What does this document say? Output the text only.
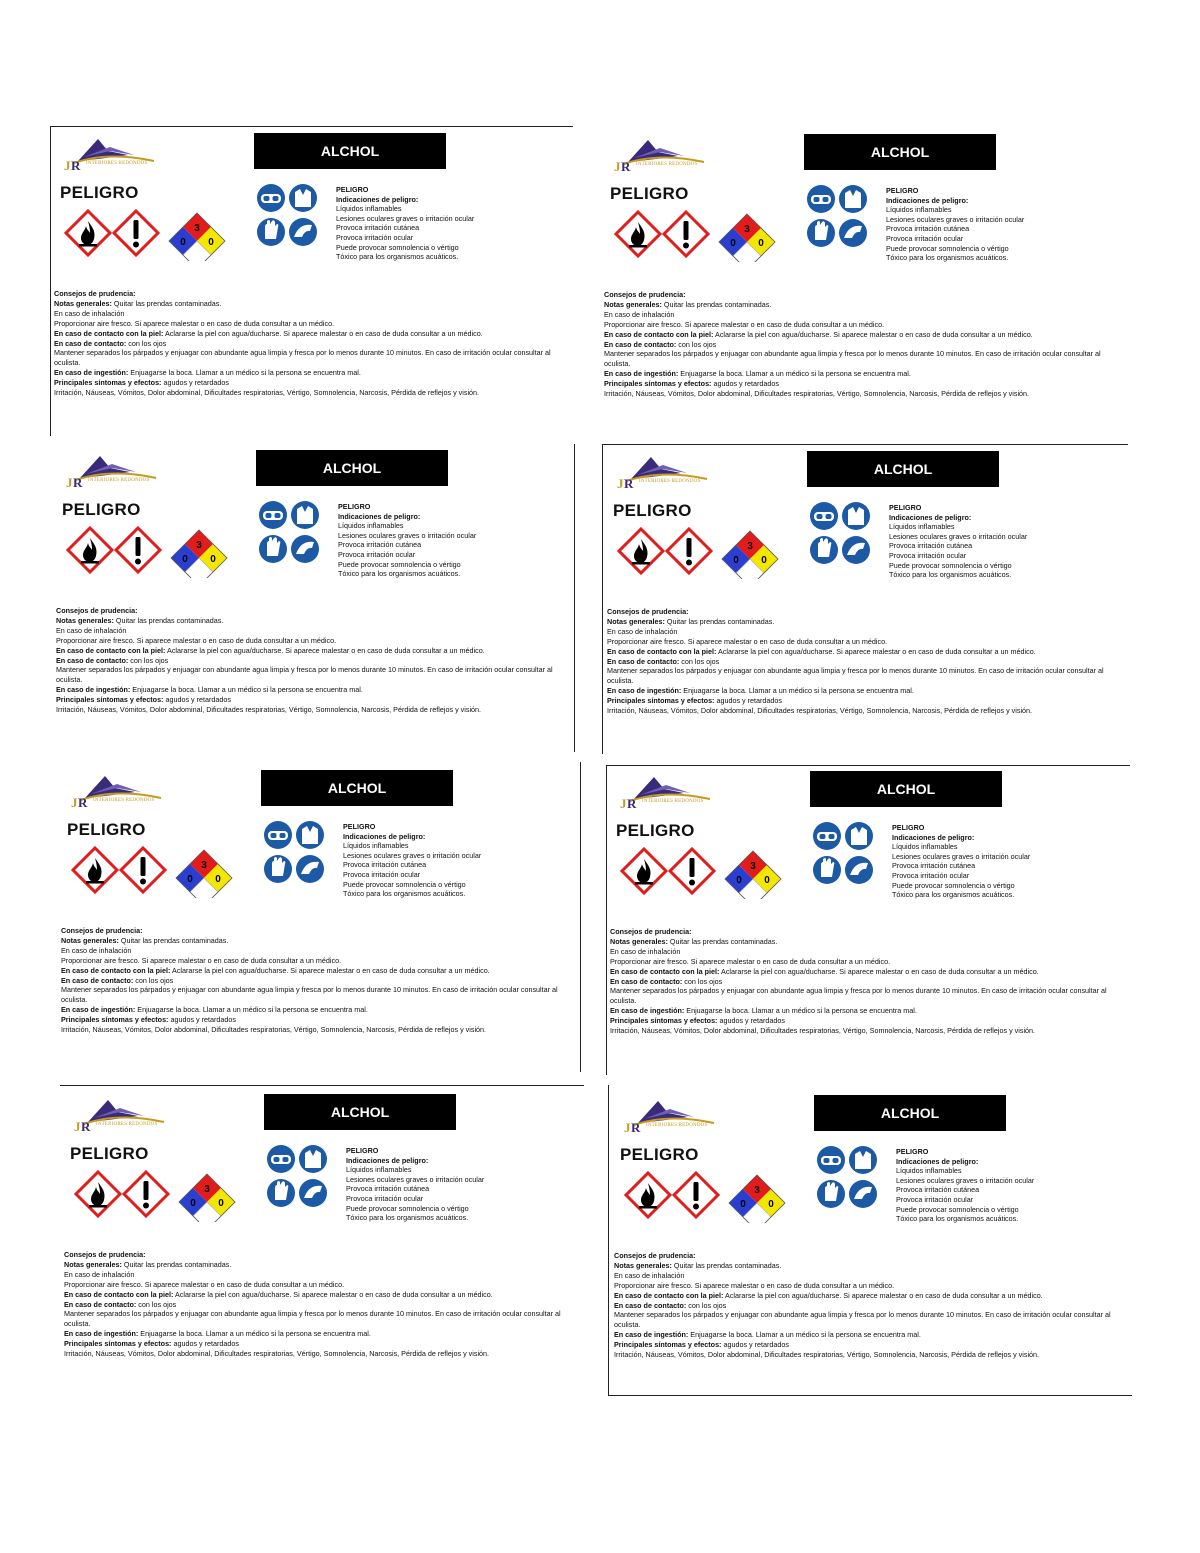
J R INTERIORES REDONDOS
ALCHOL
PELIGRO
3
0 0
PELIGRO
Indicaciones de peligro:
Líquidos inflamables
Lesiones oculares graves o irritación ocular
Provoca irritación cutánea
Provoca irritación ocular
Puede provocar somnolencia o vértigo
Tóxico para los organismos acuáticos.

Consejos de prudencia:

Notas generales: Quitar las prendas contaminadas.

En caso de inhalación

Proporcionar aire fresco. Si aparece malestar o en caso de duda consultar a un médico.

En caso de contacto con la piel: Aclararse la piel con agua/ducharse. Si aparece malestar o en caso de duda consultar a un médico.

En caso de contacto: con los ojos

Mantener separados los párpados y enjuagar con abundante agua limpia y fresca por lo menos durante 10 minutos. En caso de irritación ocular consultar al oculista.

En caso de ingestión: Enjuagarse la boca. Llamar a un médico si la persona se encuentra mal.

Principales síntomas y efectos: agudos y retardados

Irritación, Náuseas, Vómitos, Dolor abdominal, Dificultades respiratorias, Vértigo, Somnolencia, Narcosis, Pérdida de reflejos y visión.

J R INTERIORES REDONDOS
ALCHOL
PELIGRO
3
0 0
PELIGRO
Indicaciones de peligro:
Líquidos inflamables
Lesiones oculares graves o irritación ocular
Provoca irritación cutánea
Provoca irritación ocular
Puede provocar somnolencia o vértigo
Tóxico para los organismos acuáticos.

Consejos de prudencia:

Notas generales: Quitar las prendas contaminadas.

En caso de inhalación

Proporcionar aire fresco. Si aparece malestar o en caso de duda consultar a un médico.

En caso de contacto con la piel: Aclararse la piel con agua/ducharse. Si aparece malestar o en caso de duda consultar a un médico.

En caso de contacto: con los ojos

Mantener separados los párpados y enjuagar con abundante agua limpia y fresca por lo menos durante 10 minutos. En caso de irritación ocular consultar al oculista.

En caso de ingestión: Enjuagarse la boca. Llamar a un médico si la persona se encuentra mal.

Principales síntomas y efectos: agudos y retardados

Irritación, Náuseas, Vómitos, Dolor abdominal, Dificultades respiratorias, Vértigo, Somnolencia, Narcosis, Pérdida de reflejos y visión.

J R INTERIORES REDONDOS
ALCHOL
PELIGRO
3
0 0
PELIGRO
Indicaciones de peligro:
Líquidos inflamables
Lesiones oculares graves o irritación ocular
Provoca irritación cutánea
Provoca irritación ocular
Puede provocar somnolencia o vértigo
Tóxico para los organismos acuáticos.

Consejos de prudencia:

Notas generales: Quitar las prendas contaminadas.

En caso de inhalación

Proporcionar aire fresco. Si aparece malestar o en caso de duda consultar a un médico.

En caso de contacto con la piel: Aclararse la piel con agua/ducharse. Si aparece malestar o en caso de duda consultar a un médico.

En caso de contacto: con los ojos

Mantener separados los párpados y enjuagar con abundante agua limpia y fresca por lo menos durante 10 minutos. En caso de irritación ocular consultar al oculista.

En caso de ingestión: Enjuagarse la boca. Llamar a un médico si la persona se encuentra mal.

Principales síntomas y efectos: agudos y retardados

Irritación, Náuseas, Vómitos, Dolor abdominal, Dificultades respiratorias, Vértigo, Somnolencia, Narcosis, Pérdida de reflejos y visión.

J R INTERIORES REDONDOS
ALCHOL
PELIGRO
3
0 0
PELIGRO
Indicaciones de peligro:
Líquidos inflamables
Lesiones oculares graves o irritación ocular
Provoca irritación cutánea
Provoca irritación ocular
Puede provocar somnolencia o vértigo
Tóxico para los organismos acuáticos.

Consejos de prudencia:

Notas generales: Quitar las prendas contaminadas.

En caso de inhalación

Proporcionar aire fresco. Si aparece malestar o en caso de duda consultar a un médico.

En caso de contacto con la piel: Aclararse la piel con agua/ducharse. Si aparece malestar o en caso de duda consultar a un médico.

En caso de contacto: con los ojos

Mantener separados los párpados y enjuagar con abundante agua limpia y fresca por lo menos durante 10 minutos. En caso de irritación ocular consultar al oculista.

En caso de ingestión: Enjuagarse la boca. Llamar a un médico si la persona se encuentra mal.

Principales síntomas y efectos: agudos y retardados

Irritación, Náuseas, Vómitos, Dolor abdominal, Dificultades respiratorias, Vértigo, Somnolencia, Narcosis, Pérdida de reflejos y visión.

J R INTERIORES REDONDOS
ALCHOL
PELIGRO
3
0 0
PELIGRO
Indicaciones de peligro:
Líquidos inflamables
Lesiones oculares graves o irritación ocular
Provoca irritación cutánea
Provoca irritación ocular
Puede provocar somnolencia o vértigo
Tóxico para los organismos acuáticos.

Consejos de prudencia:

Notas generales: Quitar las prendas contaminadas.

En caso de inhalación

Proporcionar aire fresco. Si aparece malestar o en caso de duda consultar a un médico.

En caso de contacto con la piel: Aclararse la piel con agua/ducharse. Si aparece malestar o en caso de duda consultar a un médico.

En caso de contacto: con los ojos

Mantener separados los párpados y enjuagar con abundante agua limpia y fresca por lo menos durante 10 minutos. En caso de irritación ocular consultar al oculista.

En caso de ingestión: Enjuagarse la boca. Llamar a un médico si la persona se encuentra mal.

Principales síntomas y efectos: agudos y retardados

Irritación, Náuseas, Vómitos, Dolor abdominal, Dificultades respiratorias, Vértigo, Somnolencia, Narcosis, Pérdida de reflejos y visión.

J R INTERIORES REDONDOS
ALCHOL
PELIGRO
3
0 0
PELIGRO
Indicaciones de peligro:
Líquidos inflamables
Lesiones oculares graves o irritación ocular
Provoca irritación cutánea
Provoca irritación ocular
Puede provocar somnolencia o vértigo
Tóxico para los organismos acuáticos.

Consejos de prudencia:

Notas generales: Quitar las prendas contaminadas.

En caso de inhalación

Proporcionar aire fresco. Si aparece malestar o en caso de duda consultar a un médico.

En caso de contacto con la piel: Aclararse la piel con agua/ducharse. Si aparece malestar o en caso de duda consultar a un médico.

En caso de contacto: con los ojos

Mantener separados los párpados y enjuagar con abundante agua limpia y fresca por lo menos durante 10 minutos. En caso de irritación ocular consultar al oculista.

En caso de ingestión: Enjuagarse la boca. Llamar a un médico si la persona se encuentra mal.

Principales síntomas y efectos: agudos y retardados

Irritación, Náuseas, Vómitos, Dolor abdominal, Dificultades respiratorias, Vértigo, Somnolencia, Narcosis, Pérdida de reflejos y visión.

J R INTERIORES REDONDOS
ALCHOL
PELIGRO
3
0 0
PELIGRO
Indicaciones de peligro:
Líquidos inflamables
Lesiones oculares graves o irritación ocular
Provoca irritación cutánea
Provoca irritación ocular
Puede provocar somnolencia o vértigo
Tóxico para los organismos acuáticos.

Consejos de prudencia:

Notas generales: Quitar las prendas contaminadas.

En caso de inhalación

Proporcionar aire fresco. Si aparece malestar o en caso de duda consultar a un médico.

En caso de contacto con la piel: Aclararse la piel con agua/ducharse. Si aparece malestar o en caso de duda consultar a un médico.

En caso de contacto: con los ojos

Mantener separados los párpados y enjuagar con abundante agua limpia y fresca por lo menos durante 10 minutos. En caso de irritación ocular consultar al oculista.

En caso de ingestión: Enjuagarse la boca. Llamar a un médico si la persona se encuentra mal.

Principales síntomas y efectos: agudos y retardados

Irritación, Náuseas, Vómitos, Dolor abdominal, Dificultades respiratorias, Vértigo, Somnolencia, Narcosis, Pérdida de reflejos y visión.

J R INTERIORES REDONDOS
ALCHOL
PELIGRO
3
0 0
PELIGRO
Indicaciones de peligro:
Líquidos inflamables
Lesiones oculares graves o irritación ocular
Provoca irritación cutánea
Provoca irritación ocular
Puede provocar somnolencia o vértigo
Tóxico para los organismos acuáticos.

Consejos de prudencia:

Notas generales: Quitar las prendas contaminadas.

En caso de inhalación

Proporcionar aire fresco. Si aparece malestar o en caso de duda consultar a un médico.

En caso de contacto con la piel: Aclararse la piel con agua/ducharse. Si aparece malestar o en caso de duda consultar a un médico.

En caso de contacto: con los ojos

Mantener separados los párpados y enjuagar con abundante agua limpia y fresca por lo menos durante 10 minutos. En caso de irritación ocular consultar al oculista.

En caso de ingestión: Enjuagarse la boca. Llamar a un médico si la persona se encuentra mal.

Principales síntomas y efectos: agudos y retardados

Irritación, Náuseas, Vómitos, Dolor abdominal, Dificultades respiratorias, Vértigo, Somnolencia, Narcosis, Pérdida de reflejos y visión.
